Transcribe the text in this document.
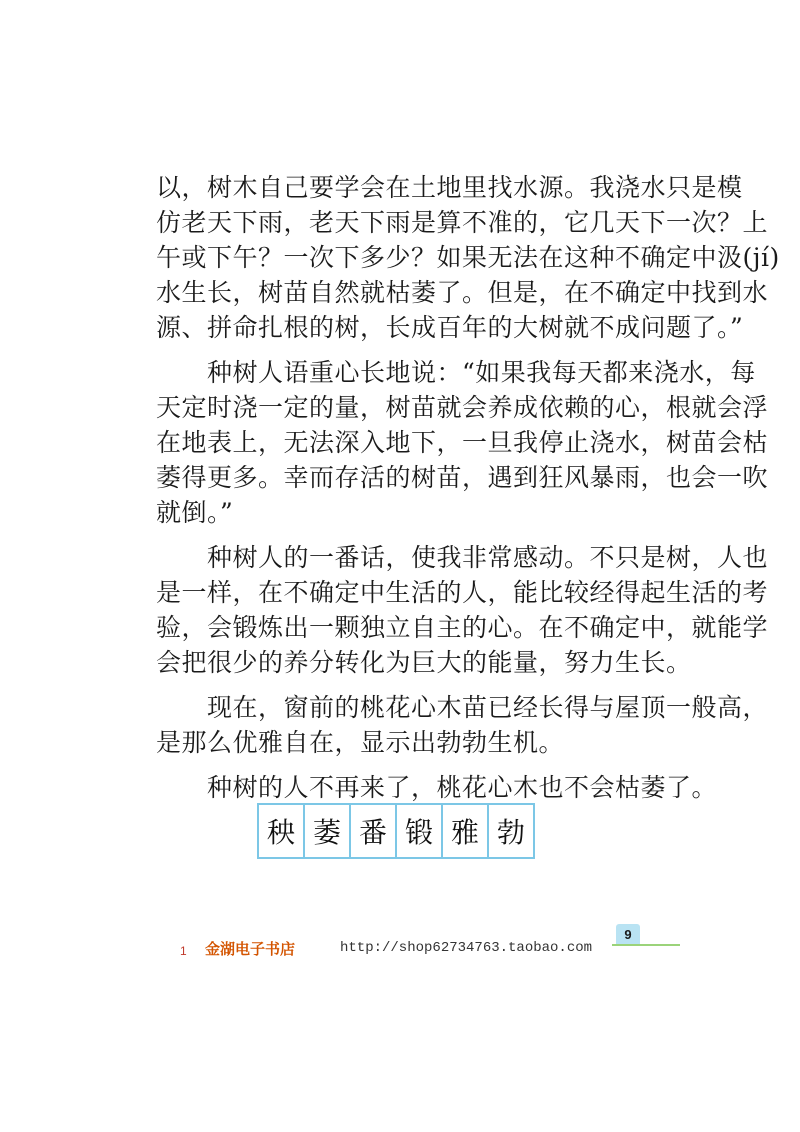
以，树木自己要学会在土地里找水源。我浇水只是模
仿老天下雨，老天下雨是算不准的，它几天下一次？上
午或下午？一次下多少？如果无法在这种不确定中汲(jí)
水生长，树苗自然就枯萎了。但是，在不确定中找到水
源、拼命扎根的树，长成百年的大树就不成问题了。”
　　种树人语重心长地说：“如果我每天都来浇水，每
天定时浇一定的量，树苗就会养成依赖的心，根就会浮
在地表上，无法深入地下，一旦我停止浇水，树苗会枯
萎得更多。幸而存活的树苗，遇到狂风暴雨，也会一吹
就倒。”
　　种树人的一番话，使我非常感动。不只是树，人也
是一样，在不确定中生活的人，能比较经得起生活的考
验，会锻炼出一颗独立自主的心。在不确定中，就能学
会把很少的养分转化为巨大的能量，努力生长。
　　现在，窗前的桃花心木苗已经长得与屋顶一般高，
是那么优雅自在，显示出勃勃生机。
　　种树的人不再来了，桃花心木也不会枯萎了。
秧 萎 番 锻 雅 勃
1 金湖电子书店	http://shop62734763.taobao.com
9
